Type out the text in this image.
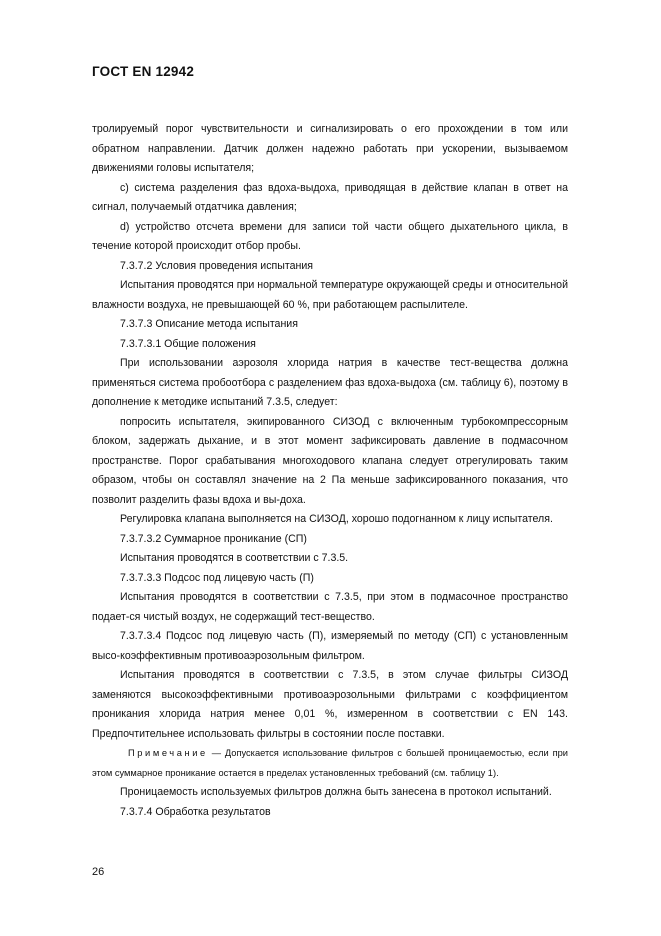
ГОСТ EN 12942

тролируемый порог чувствительности и сигнализировать о его прохождении в том или обратном направлении. Датчик должен надежно работать при ускорении, вызываемом движениями головы испытателя;

с) система разделения фаз вдоха-выдоха, приводящая в действие клапан в ответ на сигнал, получаемый отдатчика давления;

d) устройство отсчета времени для записи той части общего дыхательного цикла, в течение которой происходит отбор пробы.

7.3.7.2 Условия проведения испытания

Испытания проводятся при нормальной температуре окружающей среды и относительной влажности воздуха, не превышающей 60 %, при работающем распылителе.

7.3.7.3 Описание метода испытания

7.3.7.3.1 Общие положения

При использовании аэрозоля хлорида натрия в качестве тест-вещества должна применяться система пробоотбора с разделением фаз вдоха-выдоха (см. таблицу 6), поэтому в дополнение к методике испытаний 7.3.5, следует:

попросить испытателя, экипированного СИЗОД с включенным турбокомпрессорным блоком, задержать дыхание, и в этот момент зафиксировать давление в подмасочном пространстве. Порог срабатывания многоходового клапана следует отрегулировать таким образом, чтобы он составлял значение на 2 Па меньше зафиксированного показания, что позволит разделить фазы вдоха и вы-доха.

Регулировка клапана выполняется на СИЗОД, хорошо подогнанном к лицу испытателя.

7.3.7.3.2 Суммарное проникание (СП)

Испытания проводятся в соответствии с 7.3.5.

7.3.7.3.3 Подсос под лицевую часть (П)

Испытания проводятся в соответствии с 7.3.5, при этом в подмасочное пространство подает-ся чистый воздух, не содержащий тест-вещество.

7.3.7.3.4 Подсос под лицевую часть (П), измеряемый по методу (СП) с установленным высо-коэффективным противоаэрозольным фильтром.

Испытания проводятся в соответствии с 7.3.5, в этом случае фильтры СИЗОД заменяются высокоэффективными противоаэрозольными фильтрами с коэффициентом проникания хлорида натрия менее 0,01 %, измеренном в соответствии с EN 143. Предпочтительнее использовать фильтры в состоянии после поставки.

Примечание — Допускается использование фильтров с большей проницаемостью, если при этом суммарное проникание остается в пределах установленных требований (см. таблицу 1).

Проницаемость используемых фильтров должна быть занесена в протокол испытаний.

7.3.7.4 Обработка результатов

26
